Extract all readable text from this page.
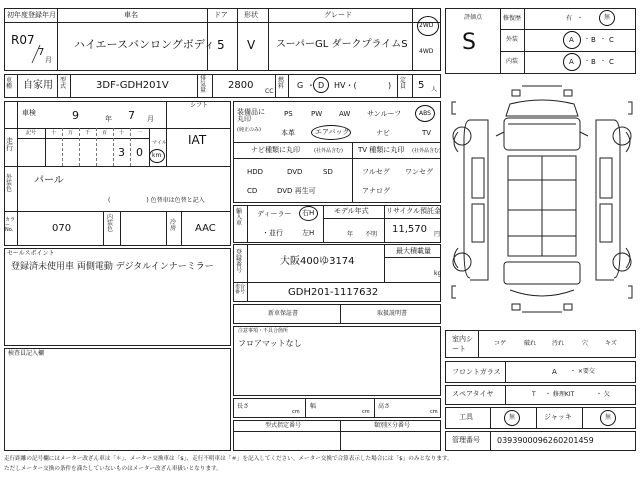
初年度登録年月
R07
7
月
車名
ハイエースバンロングボディ
ドア
5
形状
V
グレード
スーパーGL ダークプライムS
2WD
4WD
車種 自家用 型式	3DF-GDH201V
排気量 2800
CC
燃料 G ・ D HV・(	)
定員 5 人
車検	9	年 7 月
走行
記号	十 万 千 百 十	一
3 0
マイル
km
シフト
IAT
外装色
パール
(　　　　　　) 色替車は色替と記入
カラーNo.	070
内装色
冷房 AAC
装備品に丸印
(純正のみ)
PS	PW AW サンルーフ	ABS
本革	エアバック	ナビ	TV
ナビ種類に丸印	(社外品含む)
HDD	DVD	SD
CD	DVD 再生可
TV 種類に丸印 (社外品含む)
フルセグ ワンセグ
アナログ
輸入車
ディーラー 右H
・並行	左H
モデル年式
年 不明
リサイクル預託金
11,570 円
登録番号
大阪400ゆ3174
最大積載量
kg
車台番号	GDH201-1117632
セールスポイント
登録済未使用車 両側電動 デジタルインナーミラー
検査員記入欄
新車保証書	取扱説明書
注意事項・不具合箇所
フロアマットなし
長さ
cm
幅
cm
高さ
cm
型式指定番号	類別区分番号
評価点
S
修復歴	有 ・	無
外装	A ・ B ・ C
内装	A ・ B ・ C
室内シート
コゲ	破れ	汚れ	穴	キズ
フロントガラス	A ・ ×要交
スペアタイヤ	T ・ 修理KIT	・ 欠
工具	無	ジャッキ	無
管理番号 0393900096260201459
走行距離の記号欄にはメーター改ざん車は「＊」、メーター交換車は「$」、走行不明車は「＃」を記入してください。メーター交換で合算表示した場合には「$」のみとなります。
ただしメーター交換の条件を満たしていないものはメーター改ざん車扱いとなります。
